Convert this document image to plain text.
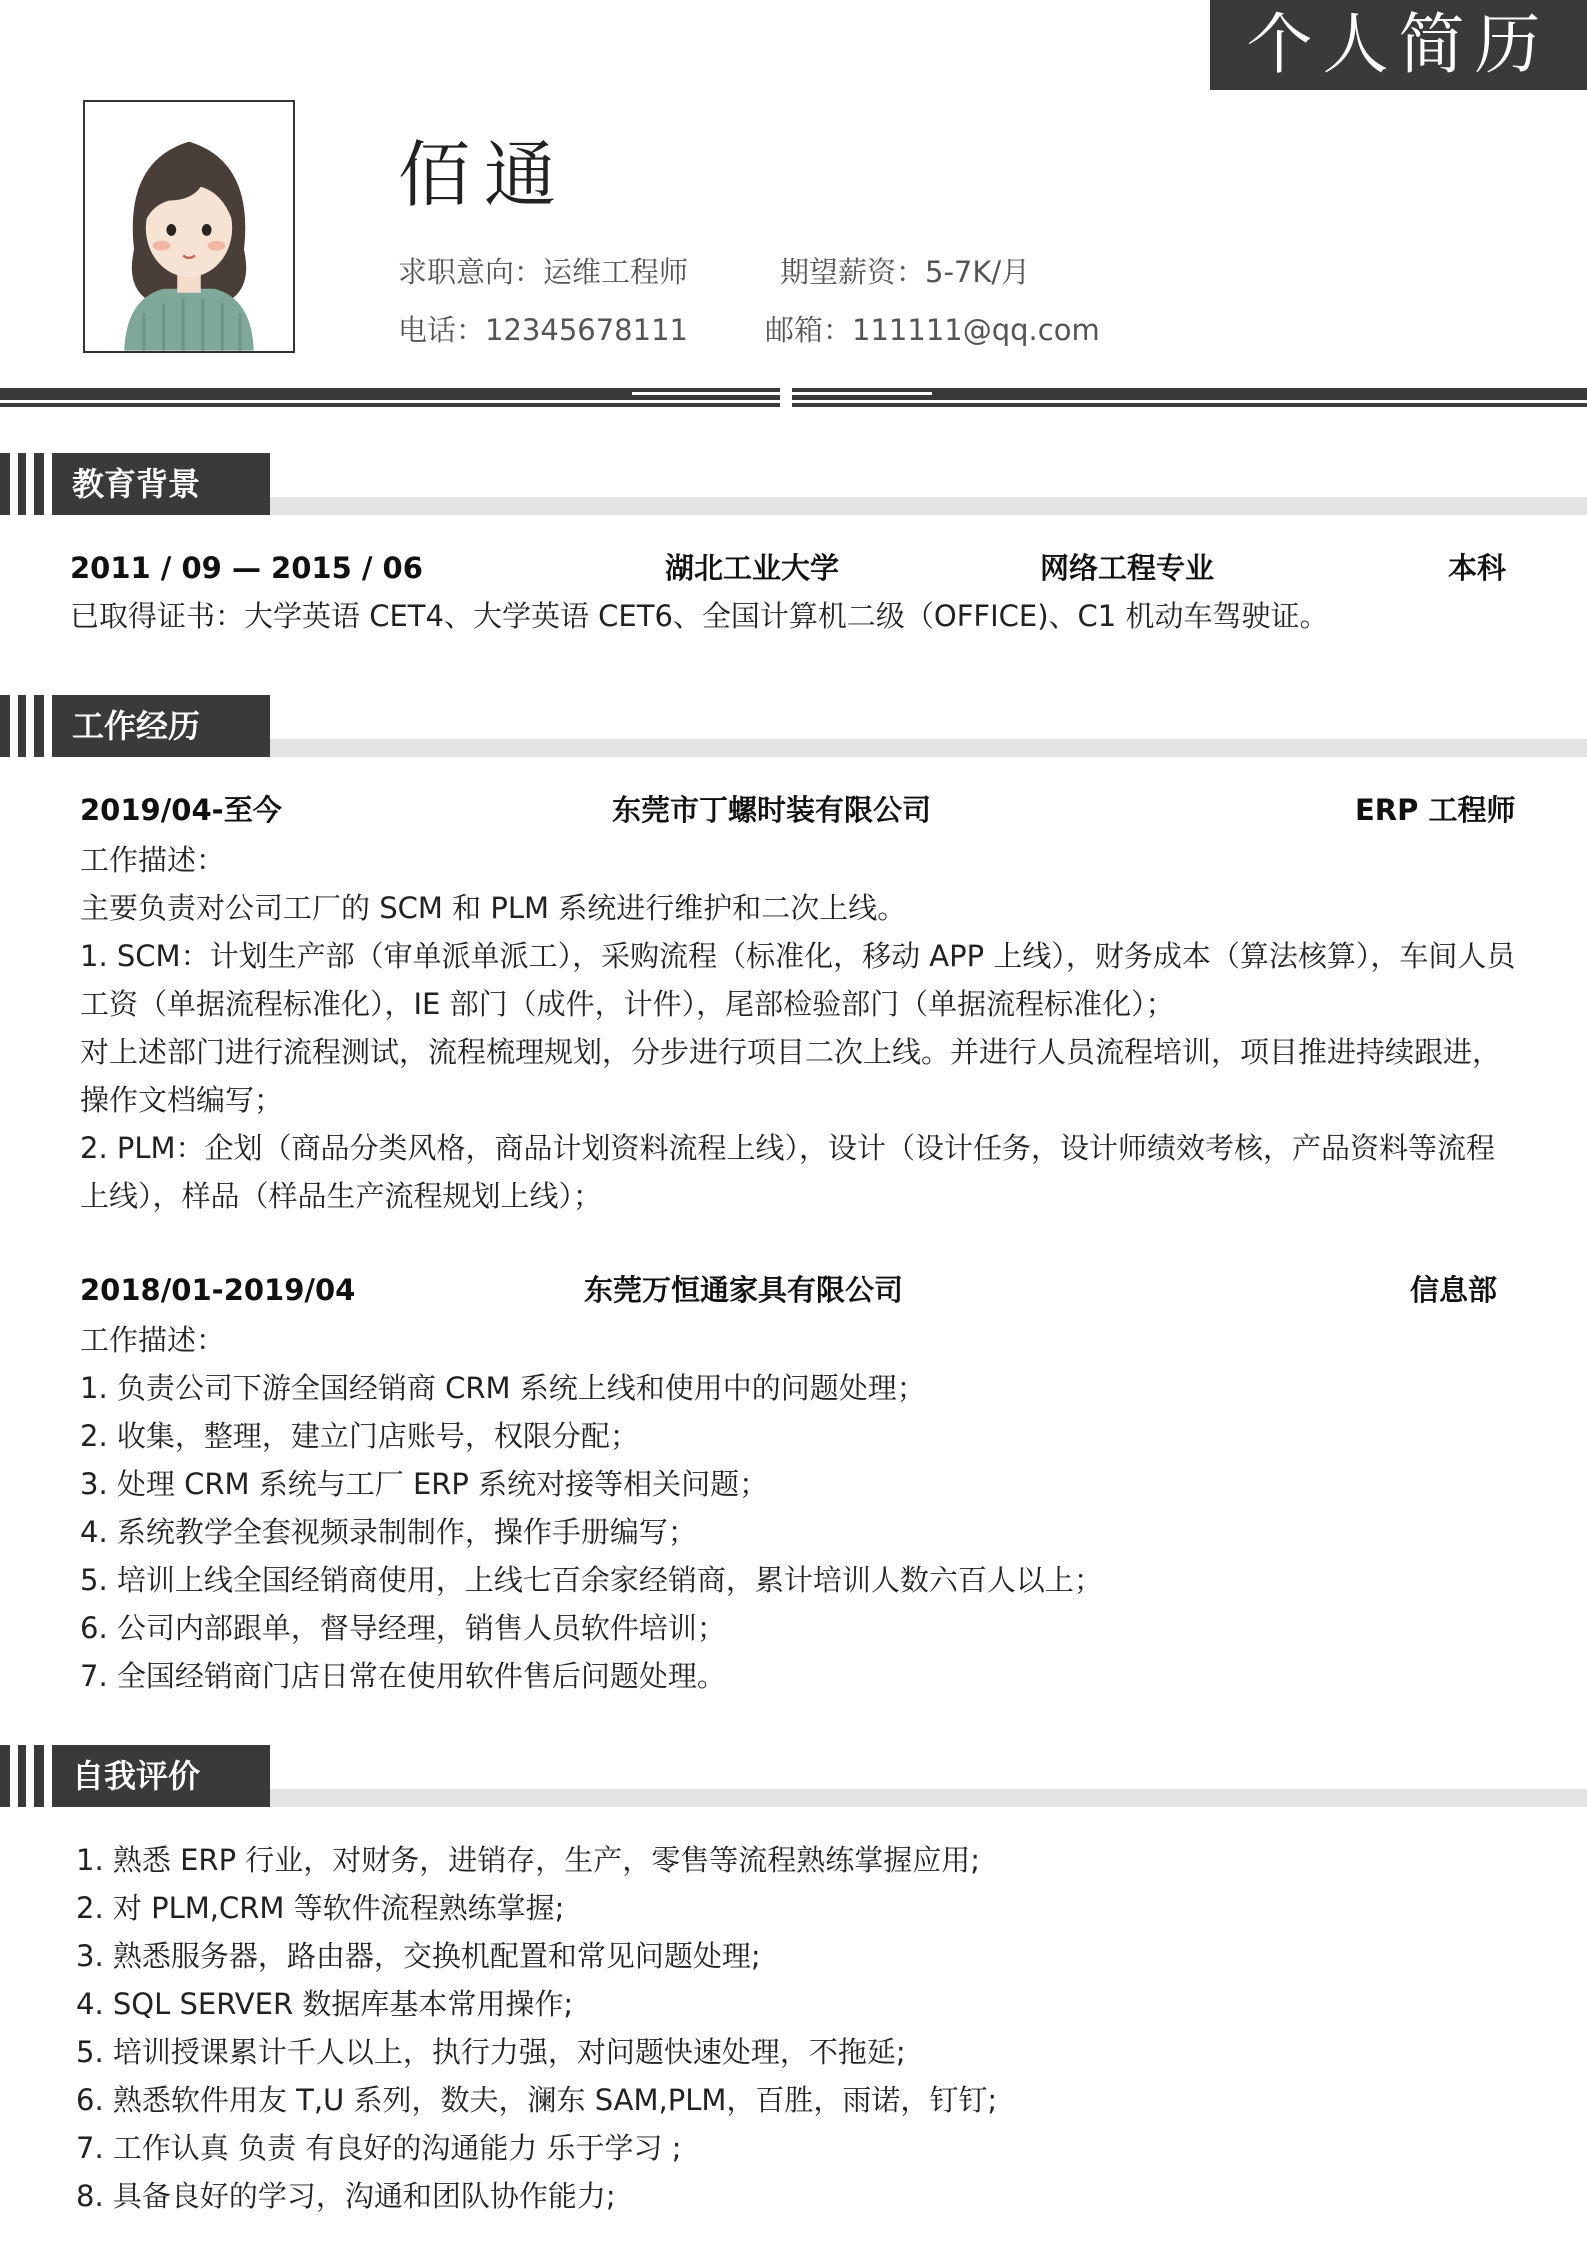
个人简历
佰通
求职意向：运维工程师	期望薪资：5-7K/月
电话：12345678111	邮箱：111111@qq.com
教育背景
2011 / 09 — 2015 / 06	湖北工业大学	网络工程专业	本科
已取得证书：大学英语 CET4、大学英语 CET6、全国计算机二级（OFFICE)、C1 机动车驾驶证。
工作经历
2019/04-至今	东莞市丁螺时装有限公司	ERP 工程师
工作描述：
主要负责对公司工厂的 SCM 和 PLM 系统进行维护和二次上线。
1. SCM：计划生产部（审单派单派工），采购流程（标准化，移动 APP 上线），财务成本（算法核算），车间人员工资（单据流程标准化），IE 部门（成件，计件），尾部检验部门（单据流程标准化）；
对上述部门进行流程测试，流程梳理规划，分步进行项目二次上线。并进行人员流程培训，项目推进持续跟进，操作文档编写；
2. PLM：企划（商品分类风格，商品计划资料流程上线），设计（设计任务，设计师绩效考核，产品资料等流程上线），样品（样品生产流程规划上线）；
2018/01-2019/04	东莞万恒通家具有限公司	信息部
工作描述：
1. 负责公司下游全国经销商 CRM 系统上线和使用中的问题处理；
2. 收集，整理，建立门店账号，权限分配；
3. 处理 CRM 系统与工厂 ERP 系统对接等相关问题；
4. 系统教学全套视频录制制作，操作手册编写；
5. 培训上线全国经销商使用，上线七百余家经销商，累计培训人数六百人以上；
6. 公司内部跟单，督导经理，销售人员软件培训；
7. 全国经销商门店日常在使用软件售后问题处理。
自我评价
1. 熟悉 ERP 行业，对财务，进销存，生产，零售等流程熟练掌握应用;
2. 对 PLM,CRM 等软件流程熟练掌握;
3. 熟悉服务器，路由器，交换机配置和常见问题处理;
4. SQL SERVER 数据库基本常用操作;
5. 培训授课累计千人以上，执行力强，对问题快速处理，不拖延;
6. 熟悉软件用友 T,U 系列，数夫，澜东 SAM,PLM，百胜，雨诺，钉钉;
7. 工作认真 负责 有良好的沟通能力 乐于学习 ;
8. 具备良好的学习，沟通和团队协作能力;
